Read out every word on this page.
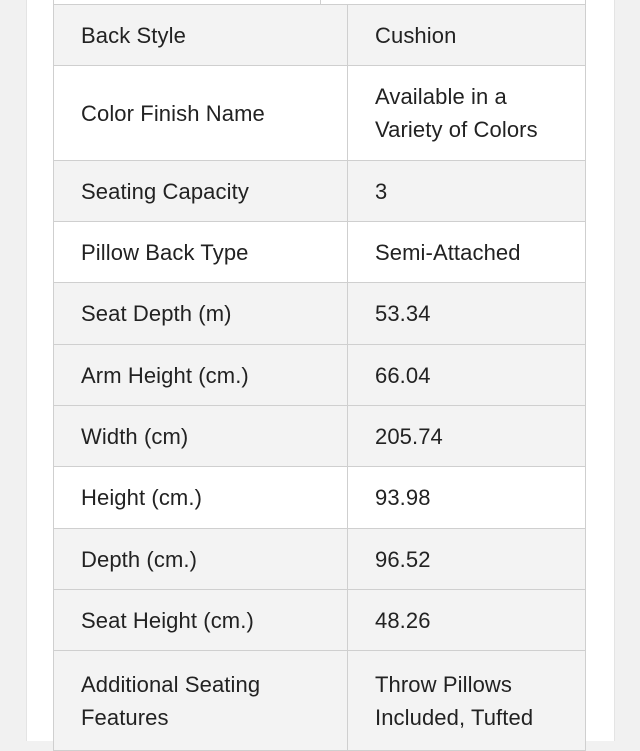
Back Style	Cushion
Color Finish Name	Available in a Variety of Colors
Seating Capacity	3
Pillow Back Type	Semi-Attached
Seat Depth (m)	53.34
Arm Height (cm.)	66.04
Width (cm)	205.74
Height (cm.)	93.98
Depth (cm.)	96.52
Seat Height (cm.)	48.26
Additional Seating Features	Throw Pillows Included, Tufted
